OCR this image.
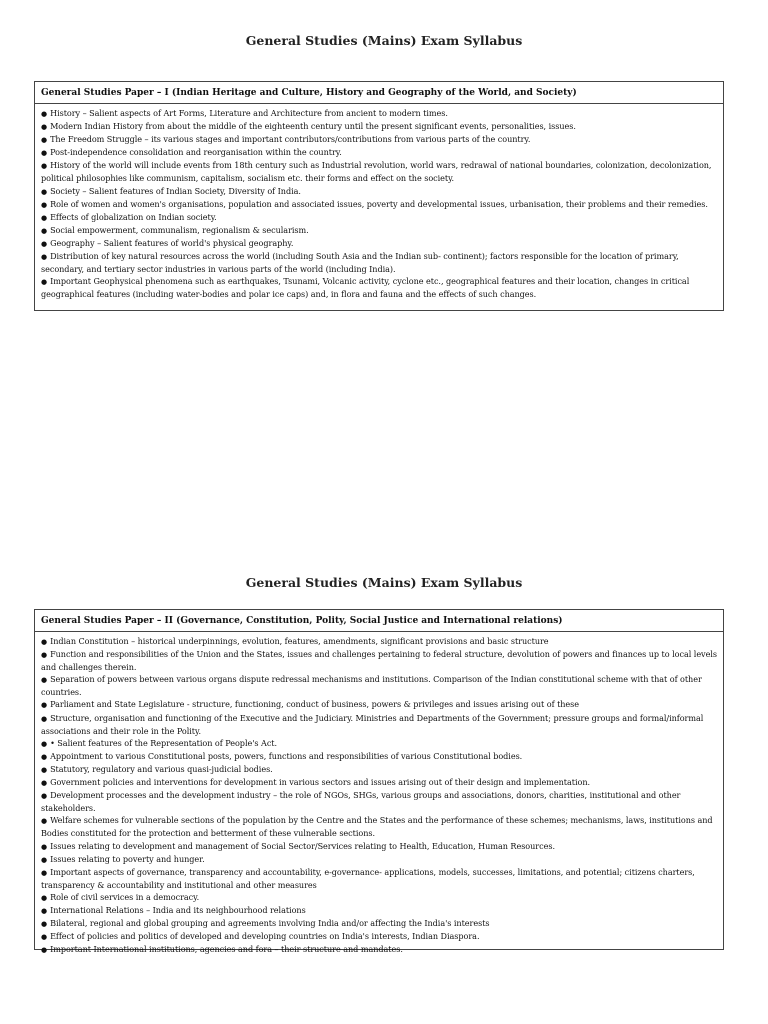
General Studies (Mains) Exam Syllabus
General Studies Paper – I (Indian Heritage and Culture, History and Geography of the World, and Society)
● History – Salient aspects of Art Forms, Literature and Architecture from ancient to modern times.
● Modern Indian History from about the middle of the eighteenth century until the present significant events, personalities, issues.
● The Freedom Struggle – its various stages and important contributors/contributions from various parts of the country.
● Post-independence consolidation and reorganisation within the country.
● History of the world will include events from 18th century such as Industrial revolution, world wars, redrawal of national boundaries, colonization, decolonization, political philosophies like communism, capitalism, socialism etc. their forms and effect on the society.
● Society – Salient features of Indian Society, Diversity of India.
● Role of women and women's organisations, population and associated issues, poverty and developmental issues, urbanisation, their problems and their remedies.
● Effects of globalization on Indian society.
● Social empowerment, communalism, regionalism & secularism.
● Geography – Salient features of world's physical geography.
● Distribution of key natural resources across the world (including South Asia and the Indian sub- continent); factors responsible for the location of primary, secondary, and tertiary sector industries in various parts of the world (including India).
● Important Geophysical phenomena such as earthquakes, Tsunami, Volcanic activity, cyclone etc., geographical features and their location, changes in critical geographical features (including water-bodies and polar ice caps) and, in flora and fauna and the effects of such changes.
General Studies (Mains) Exam Syllabus
General Studies Paper – II (Governance, Constitution, Polity, Social Justice and International relations)
● Indian Constitution – historical underpinnings, evolution, features, amendments, significant provisions and basic structure
● Function and responsibilities of the Union and the States, issues and challenges pertaining to federal structure, devolution of powers and finances up to local levels and challenges therein.
● Separation of powers between various organs dispute redressal mechanisms and institutions. Comparison of the Indian constitutional scheme with that of other countries.
● Parliament and State Legislature - structure, functioning, conduct of business, powers & privileges and issues arising out of these
● Structure, organisation and functioning of the Executive and the Judiciary. Ministries and Departments of the Government; pressure groups and formal/informal associations and their role in the Polity.
● • Salient features of the Representation of People's Act.
● Appointment to various Constitutional posts, powers, functions and responsibilities of various Constitutional bodies.
● Statutory, regulatory and various quasi-judicial bodies.
● Government policies and interventions for development in various sectors and issues arising out of their design and implementation.
● Development processes and the development industry – the role of NGOs, SHGs, various groups and associations, donors, charities, institutional and other stakeholders.
● Welfare schemes for vulnerable sections of the population by the Centre and the States and the performance of these schemes; mechanisms, laws, institutions and Bodies constituted for the protection and betterment of these vulnerable sections.
● Issues relating to development and management of Social Sector/Services relating to Health, Education, Human Resources.
● Issues relating to poverty and hunger.
● Important aspects of governance, transparency and accountability, e-governance- applications, models, successes, limitations, and potential; citizens charters, transparency & accountability and institutional and other measures
● Role of civil services in a democracy.
● International Relations – India and its neighbourhood relations
● Bilateral, regional and global grouping and agreements involving India and/or affecting the India's interests
● Effect of policies and politics of developed and developing countries on India's interests, Indian Diaspora.
● Important International institutions, agencies and fora – their structure and mandates.
